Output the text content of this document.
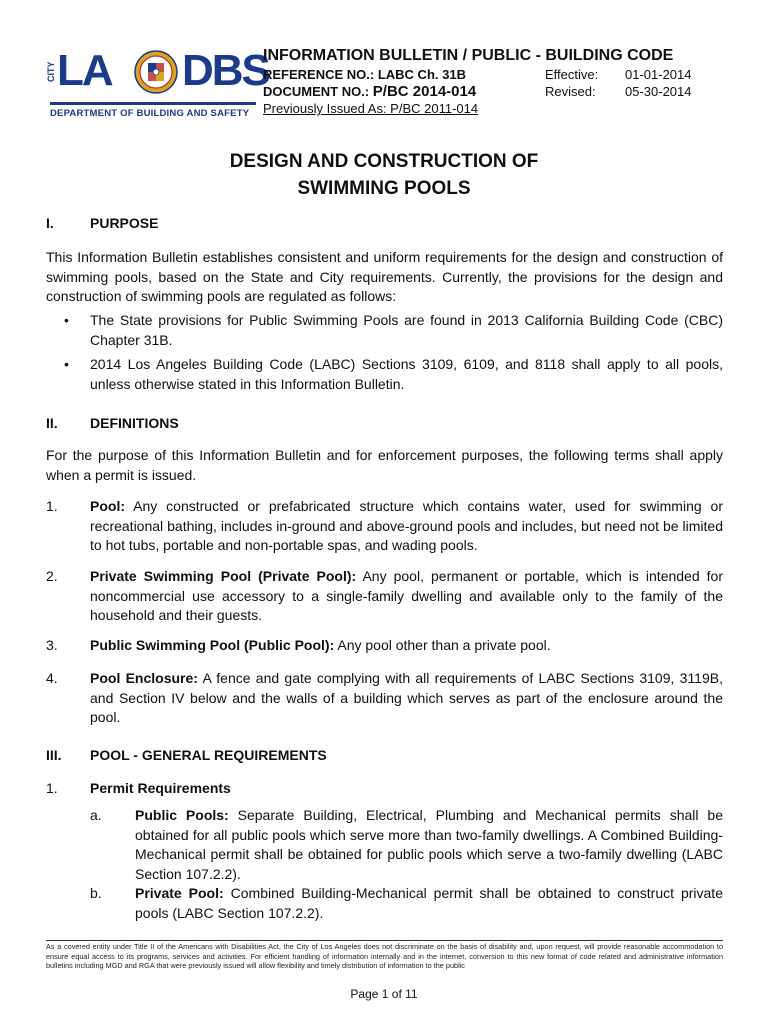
CITY LA DBS
DEPARTMENT OF BUILDING AND SAFETY
INFORMATION BULLETIN / PUBLIC - BUILDING CODE
REFERENCE NO.: LABC Ch. 31B	Effective: 01-01-2014
DOCUMENT NO.: P/BC 2014-014	Revised: 05-30-2014
Previously Issued As: P/BC 2011-014
DESIGN AND CONSTRUCTION OF
SWIMMING POOLS
I.	PURPOSE
This Information Bulletin establishes consistent and uniform requirements for the design and construction of swimming pools, based on the State and City requirements. Currently, the provisions for the design and construction of swimming pools are regulated as follows:
• The State provisions for Public Swimming Pools are found in 2013 California Building Code (CBC) Chapter 31B.
• 2014 Los Angeles Building Code (LABC) Sections 3109, 6109, and 8118 shall apply to all pools, unless otherwise stated in this Information Bulletin.
II. DEFINITIONS
For the purpose of this Information Bulletin and for enforcement purposes, the following terms shall apply when a permit is issued.
1. Pool: Any constructed or prefabricated structure which contains water, used for swimming or recreational bathing, includes in-ground and above-ground pools and includes, but need not be limited to hot tubs, portable and non-portable spas, and wading pools.
2. Private Swimming Pool (Private Pool): Any pool, permanent or portable, which is intended for noncommercial use accessory to a single-family dwelling and available only to the family of the household and their guests.
3. Public Swimming Pool (Public Pool): Any pool other than a private pool.
4. Pool Enclosure: A fence and gate complying with all requirements of LABC Sections 3109, 3119B, and Section IV below and the walls of a building which serves as part of the enclosure around the pool.
III. POOL - GENERAL REQUIREMENTS
1. Permit Requirements
a. Public Pools: Separate Building, Electrical, Plumbing and Mechanical permits shall be obtained for all public pools which serve more than two-family dwellings. A Combined Building-Mechanical permit shall be obtained for public pools which serve a two-family dwelling (LABC Section 107.2.2).
b. Private Pool: Combined Building-Mechanical permit shall be obtained to construct private pools (LABC Section 107.2.2).
As a covered entity under Title II of the Americans with Disabilities Act, the City of Los Angeles does not discriminate on the basis of disability and, upon request, will provide reasonable accommodation to ensure equal access to its programs, services and activities. For efficient handling of information internally and in the internet, conversion to this new format of code related and administrative information bulletins including MGD and RGA that were previously issued will allow flexibility and timely distribution of information to the public
Page 1 of 11
